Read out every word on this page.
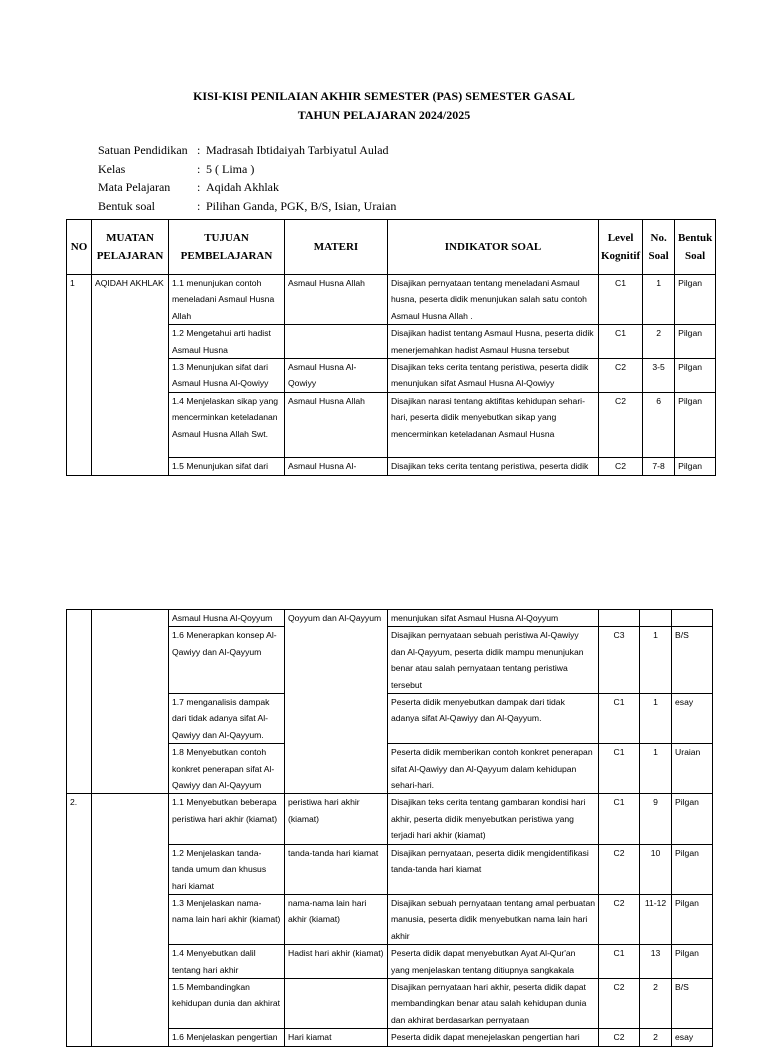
KISI-KISI PENILAIAN AKHIR SEMESTER (PAS) SEMESTER GASAL
TAHUN PELAJARAN 2024/2025
Satuan Pendidikan : Madrasah Ibtidaiyah Tarbiyatul Aulad
Kelas	: 5 ( Lima )
Mata Pelajaran : Aqidah Akhlak
Bentuk soal	: Pilihan Ganda, PGK, B/S, Isian, Uraian
NO	MUATAN PELAJARAN	TUJUAN PEMBELAJARAN	MATERI	INDIKATOR SOAL	Level Kognitif	No. Soal	Bentuk Soal
1	AQIDAH AKHLAK	1.1 menunjukan contoh meneladani Asmaul Husna Allah	Asmaul Husna Allah	Disajikan pernyataan tentang meneladani Asmaul husna, peserta didik menunjukan salah satu contoh Asmaul Husna Allah .	C1	1	Pilgan
		1.2 Mengetahui arti hadist Asmaul Husna		Disajikan hadist tentang Asmaul Husna, peserta didik menerjemahkan hadist Asmaul Husna tersebut	C1	2	Pilgan
		1.3 Menunjukan sifat dari Asmaul Husna Al-Qowiyy	Asmaul Husna Al-Qowiyy	Disajikan teks cerita tentang peristiwa, peserta didik menunjukan sifat Asmaul Husna Al-Qowiyy	C2	3-5	Pilgan
		1.4 Menjelaskan sikap yang mencerminkan keteladanan Asmaul Husna Allah Swt.	Asmaul Husna Allah	Disajikan narasi tentang aktifitas kehidupan sehari-hari, peserta didik menyebutkan sikap yang mencerminkan keteladanan Asmaul Husna	C2	6	Pilgan
		1.5 Menunjukan sifat dari	Asmaul Husna Al-	Disajikan teks cerita tentang peristiwa, peserta didik	C2	7-8	Pilgan
		Asmaul Husna Al-Qoyyum	Qoyyum dan Al-Qayyum	menunjukan sifat Asmaul Husna Al-Qoyyum			
		1.6 Menerapkan konsep Al-Qawiyy dan Al-Qayyum		Disajikan pernyataan sebuah peristiwa Al-Qawiyy dan Al-Qayyum, peserta didik mampu menunjukan benar atau salah pernyataan tentang peristiwa tersebut	C3	1	B/S
		1.7 menganalisis dampak dari tidak adanya sifat Al-Qawiyy dan Al-Qayyum.		Peserta didik menyebutkan dampak dari tidak adanya sifat Al-Qawiyy dan Al-Qayyum.	C1	1	esay
		1.8 Menyebutkan contoh konkret penerapan sifat Al-Qawiyy dan Al-Qayyum		Peserta didik memberikan contoh konkret penerapan sifat Al-Qawiyy dan Al-Qayyum dalam kehidupan sehari-hari.	C1	1	Uraian
2.		1.1 Menyebutkan beberapa peristiwa hari akhir (kiamat)	peristiwa hari akhir (kiamat)	Disajikan teks cerita tentang gambaran kondisi hari akhir, peserta didik menyebutkan peristiwa yang terjadi hari akhir (kiamat)	C1	9	Pilgan
		1.2 Menjelaskan tanda-tanda umum dan khusus hari kiamat	tanda-tanda hari kiamat	Disajikan pernyataan, peserta didik mengidentifikasi tanda-tanda hari kiamat	C2	10	Pilgan
		1.3 Menjelaskan nama-nama lain hari akhir (kiamat)	nama-nama lain hari akhir (kiamat)	Disajikan sebuah pernyataan tentang amal perbuatan manusia, peserta didik menyebutkan nama lain hari akhir	C2	11-12	Pilgan
		1.4 Menyebutkan dalil tentang hari akhir	Hadist hari akhir (kiamat)	Peserta didik dapat menyebutkan Ayat Al-Qur'an yang menjelaskan tentang ditiupnya sangkakala	C1	13	Pilgan
		1.5 Membandingkan kehidupan dunia dan akhirat		Disajikan pernyataan hari akhir, peserta didik dapat membandingkan benar atau salah kehidupan dunia dan akhirat berdasarkan pernyataan	C2	2	B/S
		1.6 Menjelaskan pengertian	Hari kiamat	Peserta didik dapat menejelaskan pengertian hari	C2	2	esay
